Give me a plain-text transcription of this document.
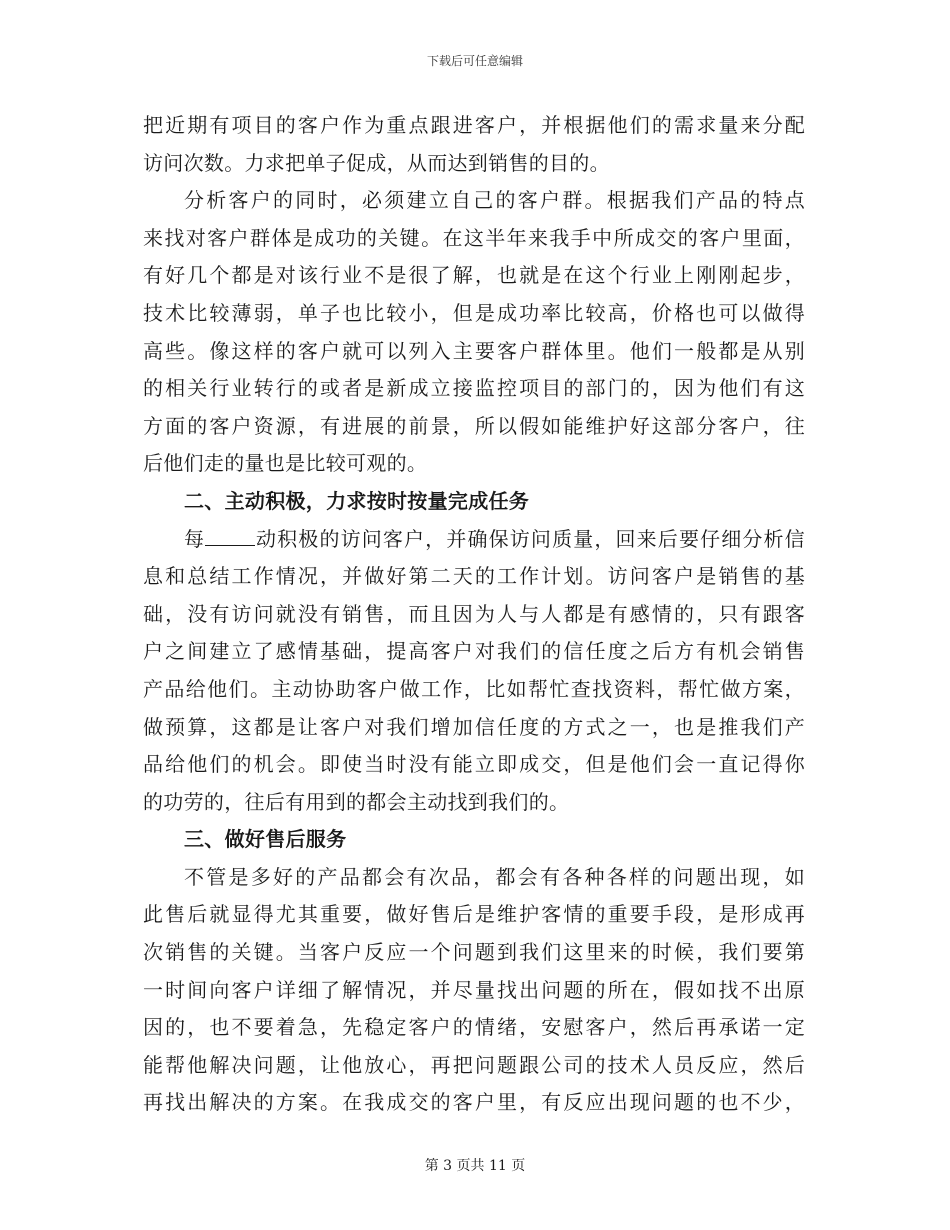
下载后可任意编辑
把近期有项目的客户作为重点跟进客户，并根据他们的需求量来分配
访问次数。力求把单子促成，从而达到销售的目的。
分析客户的同时，必须建立自己的客户群。根据我们产品的特点
来找对客户群体是成功的关键。在这半年来我手中所成交的客户里面，
有好几个都是对该行业不是很了解，也就是在这个行业上刚刚起步，
技术比较薄弱，单子也比较小，但是成功率比较高，价格也可以做得
高些。像这样的客户就可以列入主要客户群体里。他们一般都是从别
的相关行业转行的或者是新成立接监控项目的部门的，因为他们有这
方面的客户资源，有进展的前景，所以假如能维护好这部分客户，往
后他们走的量也是比较可观的。
二、主动积极，力求按时按量完成任务
每	动积极的访问客户，并确保访问质量，回来后要仔细分析信
息和总结工作情况，并做好第二天的工作计划。访问客户是销售的基
础，没有访问就没有销售，而且因为人与人都是有感情的，只有跟客
户之间建立了感情基础，提高客户对我们的信任度之后方有机会销售
产品给他们。主动协助客户做工作，比如帮忙查找资料，帮忙做方案，
做预算，这都是让客户对我们增加信任度的方式之一，也是推我们产
品给他们的机会。即使当时没有能立即成交，但是他们会一直记得你
的功劳的，往后有用到的都会主动找到我们的。
三、做好售后服务
不管是多好的产品都会有次品，都会有各种各样的问题出现，如
此售后就显得尤其重要，做好售后是维护客情的重要手段，是形成再
次销售的关键。当客户反应一个问题到我们这里来的时候，我们要第
一时间向客户详细了解情况，并尽量找出问题的所在，假如找不出原
因的，也不要着急，先稳定客户的情绪，安慰客户，然后再承诺一定
能帮他解决问题，让他放心，再把问题跟公司的技术人员反应，然后
再找出解决的方案。在我成交的客户里，有反应出现问题的也不少，
第 3 页共 11 页
